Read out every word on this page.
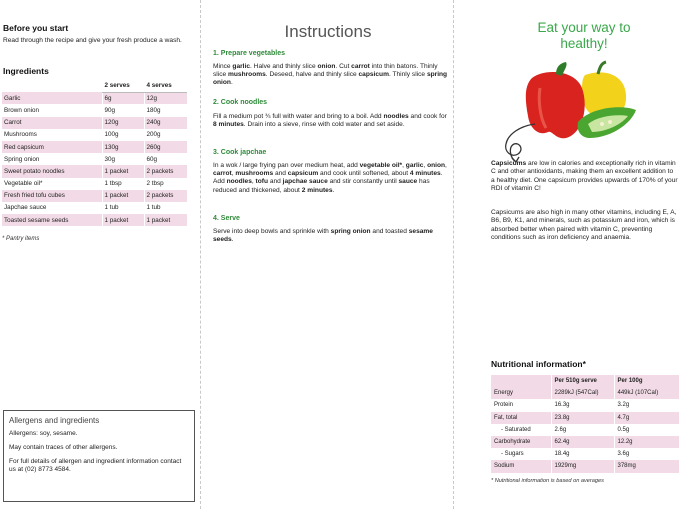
Before you start
Read through the recipe and give your fresh produce a wash.
Ingredients
	2 serves	4 serves
Garlic	6g	12g
Brown onion	90g	180g
Carrot	120g	240g
Mushrooms	100g	200g
Red capsicum	130g	260g
Spring onion	30g	60g
Sweet potato noodles	1 packet	2 packets
Vegetable oil*	1 tbsp	2 tbsp
Fresh fried tofu cubes	1 packet	2 packets
Japchae sauce	1 tub	1 tub
Toasted sesame seeds	1 packet	1 packet
* Pantry items
Allergens and ingredients

Allergens: soy, sesame.

May contain traces of other allergens.

For full details of allergen and ingredient information contact us at (02) 8773 4584.

Instructions
1. Prepare vegetables
Mince garlic. Halve and thinly slice onion. Cut carrot into thin batons. Thinly slice mushrooms. Deseed, halve and thinly slice capsicum. Thinly slice spring onion.
2. Cook noodles
Fill a medium pot ¾ full with water and bring to a boil. Add noodles and cook for 8 minutes. Drain into a sieve, rinse with cold water and set aside.
3. Cook japchae
In a wok / large frying pan over medium heat, add vegetable oil*, garlic, onion, carrot, mushrooms and capsicum and cook until softened, about 4 minutes. Add noodles, tofu and japchae sauce and stir constantly until sauce has reduced and thickened, about 2 minutes.
4. Serve
Serve into deep bowls and sprinkle with spring onion and toasted sesame seeds.
Eat your way to healthy!
Capsicums are low in calories and exceptionally rich in vitamin C and other antioxidants, making them an excellent addition to a healthy diet. One capsicum provides upwards of 170% of your RDI of vitamin C!
Capsicums are also high in many other vitamins, including E, A, B6, B9, K1, and minerals, such as potassium and iron, which is absorbed better when paired with vitamin C, preventing conditions such as iron deficiency and anaemia.
Nutritional information*
	Per 510g serve	Per 100g
Energy	2289kJ (547Cal)	449kJ (107Cal)
Protein	16.3g	3.2g
Fat, total	23.8g	4.7g
- Saturated	2.6g	0.5g
Carbohydrate	62.4g	12.2g
- Sugars	18.4g	3.6g
Sodium	1929mg	378mg
* Nutritional information is based on averages
